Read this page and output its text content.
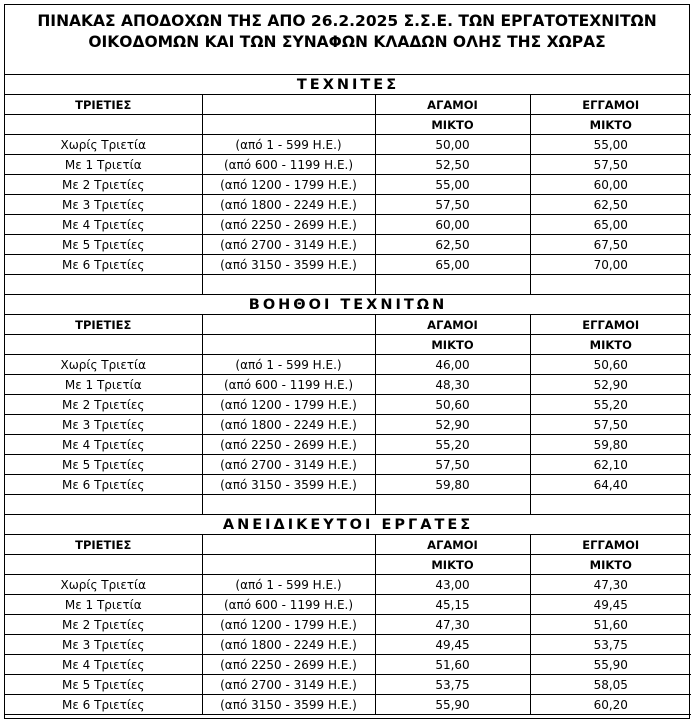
ΠΙΝΑΚΑΣ ΑΠΟΔΟΧΩΝ ΤΗΣ ΑΠΟ 26.2.2025 Σ.Σ.Ε. ΤΩΝ ΕΡΓΑΤΟΤΕΧΝΙΤΩΝ
ΟΙΚΟΔΟΜΩΝ ΚΑΙ ΤΩΝ ΣΥΝΑΦΩΝ ΚΛΑΔΩΝ ΟΛΗΣ ΤΗΣ ΧΩΡΑΣ
ΤΕΧΝΙΤΕΣ			
ΤΡΙΕΤΙΕΣ		ΑΓΑΜΟΙ	ΕΓΓΑΜΟΙ
		ΜΙΚΤΟ	ΜΙΚΤΟ
Χωρίς Τριετία	(από 1 - 599 Η.Ε.)	50,00	55,00
Με 1 Τριετία	(από 600 - 1199 Η.Ε.)	52,50	57,50
Με 2 Τριετίες	(από 1200 - 1799 Η.Ε.)	55,00	60,00
Με 3 Τριετίες	(από 1800 - 2249 Η.Ε.)	57,50	62,50
Με 4 Τριετίες	(από 2250 - 2699 Η.Ε.)	60,00	65,00
Με 5 Τριετίες	(από 2700 - 3149 Η.Ε.)	62,50	67,50
Με 6 Τριετίες	(από 3150 - 3599 Η.Ε.)	65,00	70,00

ΒΟΗΘΟΙ ΤΕΧΝΙΤΩΝ			
ΤΡΙΕΤΙΕΣ		ΑΓΑΜΟΙ	ΕΓΓΑΜΟΙ
		ΜΙΚΤΟ	ΜΙΚΤΟ
Χωρίς Τριετία	(από 1 - 599 Η.Ε.)	46,00	50,60
Με 1 Τριετία	(από 600 - 1199 Η.Ε.)	48,30	52,90
Με 2 Τριετίες	(από 1200 - 1799 Η.Ε.)	50,60	55,20
Με 3 Τριετίες	(από 1800 - 2249 Η.Ε.)	52,90	57,50
Με 4 Τριετίες	(από 2250 - 2699 Η.Ε.)	55,20	59,80
Με 5 Τριετίες	(από 2700 - 3149 Η.Ε.)	57,50	62,10
Με 6 Τριετίες	(από 3150 - 3599 Η.Ε.)	59,80	64,40

ΑΝΕΙΔΙΚΕΥΤΟΙ ΕΡΓΑΤΕΣ			
ΤΡΙΕΤΙΕΣ		ΑΓΑΜΟΙ	ΕΓΓΑΜΟΙ
		ΜΙΚΤΟ	ΜΙΚΤΟ
Χωρίς Τριετία	(από 1 - 599 Η.Ε.)	43,00	47,30
Με 1 Τριετία	(από 600 - 1199 Η.Ε.)	45,15	49,45
Με 2 Τριετίες	(από 1200 - 1799 Η.Ε.)	47,30	51,60
Με 3 Τριετίες	(από 1800 - 2249 Η.Ε.)	49,45	53,75
Με 4 Τριετίες	(από 2250 - 2699 Η.Ε.)	51,60	55,90
Με 5 Τριετίες	(από 2700 - 3149 Η.Ε.)	53,75	58,05
Με 6 Τριετίες	(από 3150 - 3599 Η.Ε.)	55,90	60,20
